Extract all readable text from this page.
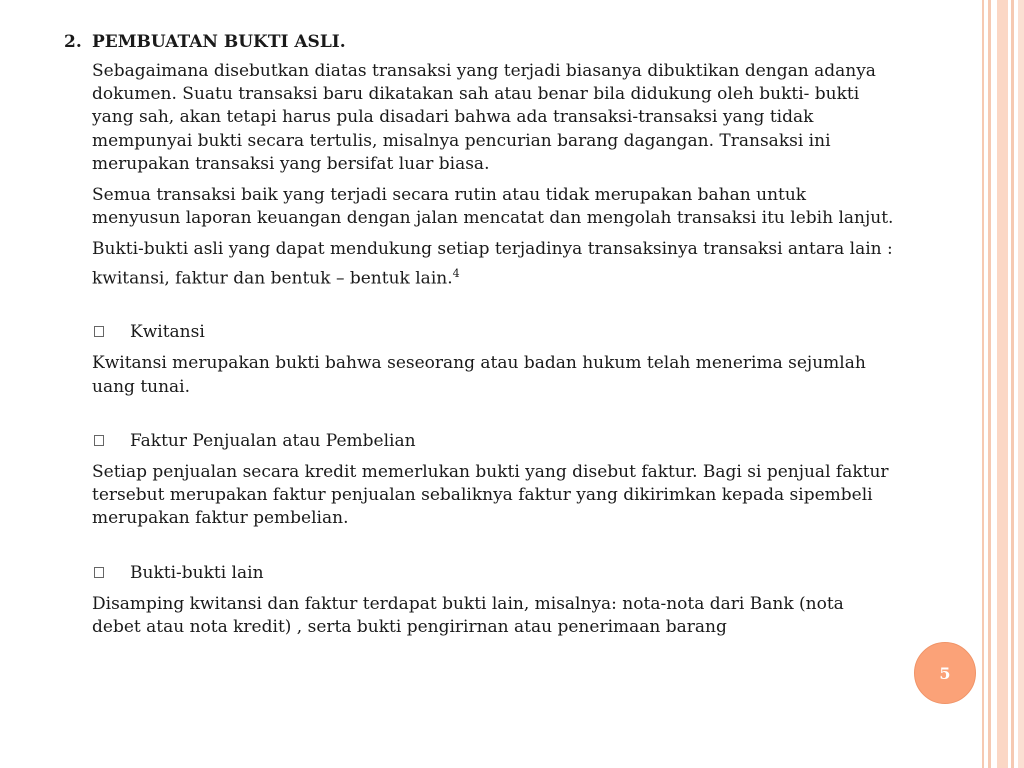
2. PEMBUATAN BUKTI ASLI.

Sebagaimana disebutkan diatas transaksi yang terjadi biasanya dibuktikan dengan adanya dokumen. Suatu transaksi baru dikatakan sah atau benar bila didukung oleh bukti- bukti yang sah, akan tetapi harus pula disadari bahwa ada transaksi-transaksi yang tidak mempunyai bukti secara tertulis, misalnya pencurian barang dagangan. Transaksi ini merupakan transaksi yang bersifat luar biasa.

Semua transaksi baik yang terjadi secara rutin atau tidak merupakan bahan untuk menyusun laporan keuangan dengan jalan mencatat dan mengolah transaksi itu lebih lanjut.

Bukti-bukti asli yang dapat mendukung setiap terjadinya transaksinya transaksi antara lain : kwitansi, faktur dan bentuk – bentuk lain.$^4$

Kwitansi

Kwitansi merupakan bukti bahwa seseorang atau badan hukum telah menerima sejumlah uang tunai.

Faktur Penjualan atau Pembelian

Setiap penjualan secara kredit memerlukan bukti yang disebut faktur. Bagi si penjual faktur tersebut merupakan faktur penjualan sebaliknya faktur yang dikirimkan kepada sipembeli merupakan faktur pembelian.

Bukti-bukti lain

Disamping kwitansi dan faktur terdapat bukti lain, misalnya: nota-nota dari Bank (nota debet atau nota kredit) , serta bukti pengirirnan atau penerimaan barang

5
